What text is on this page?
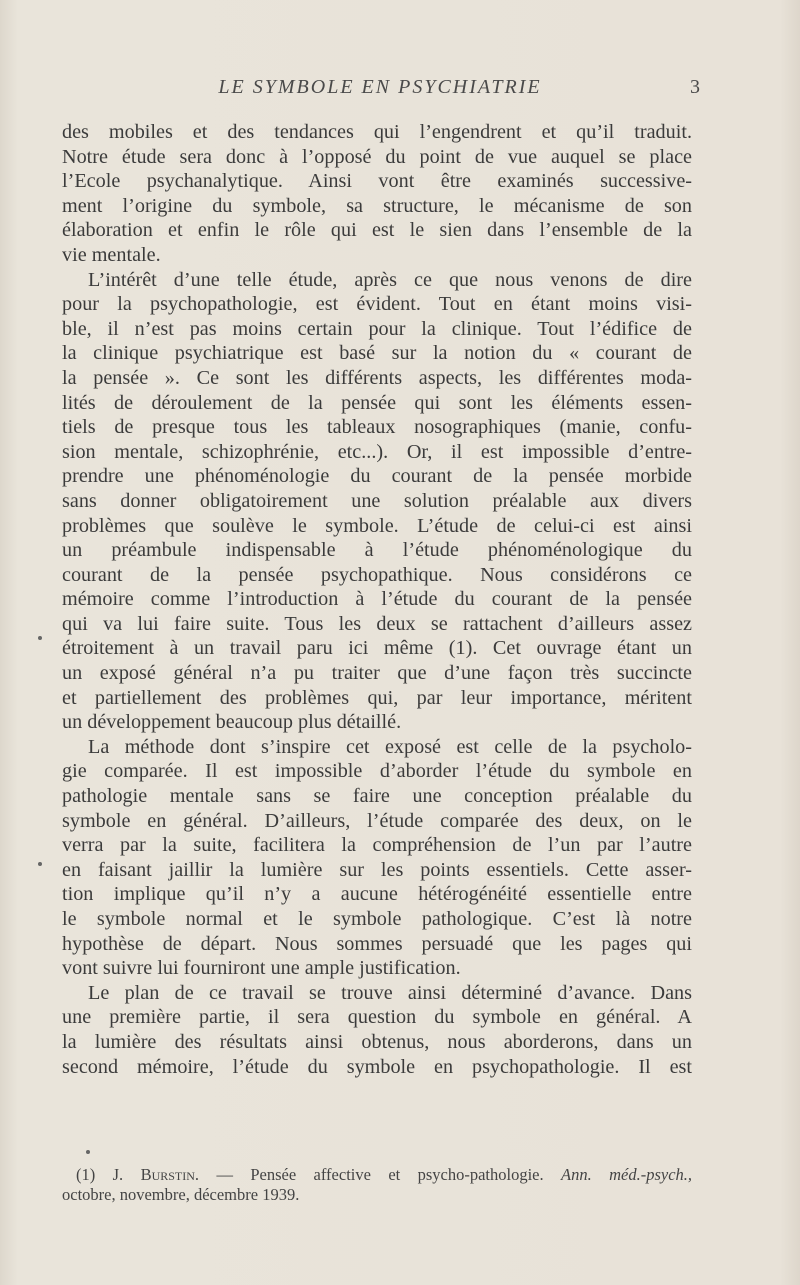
LE SYMBOLE EN PSYCHIATRIE	3

des mobiles et des tendances qui l’engendrent et qu’il traduit.
Notre étude sera donc à l’opposé du point de vue auquel se place
l’Ecole psychanalytique. Ainsi vont être examinés successive-
ment l’origine du symbole, sa structure, le mécanisme de son
élaboration et enfin le rôle qui est le sien dans l’ensemble de la
vie mentale.

L’intérêt d’une telle étude, après ce que nous venons de dire
pour la psychopathologie, est évident. Tout en étant moins visi-
ble, il n’est pas moins certain pour la clinique. Tout l’édifice de
la clinique psychiatrique est basé sur la notion du « courant de
la pensée ». Ce sont les différents aspects, les différentes moda-
lités de déroulement de la pensée qui sont les éléments essen-
tiels de presque tous les tableaux nosographiques (manie, confu-
sion mentale, schizophrénie, etc...). Or, il est impossible d’entre-
prendre une phénoménologie du courant de la pensée morbide
sans donner obligatoirement une solution préalable aux divers
problèmes que soulève le symbole. L’étude de celui-ci est ainsi
un préambule indispensable à l’étude phénoménologique du
courant de la pensée psychopathique. Nous considérons ce
mémoire comme l’introduction à l’étude du courant de la pensée
qui va lui faire suite. Tous les deux se rattachent d’ailleurs assez
étroitement à un travail paru ici même (1). Cet ouvrage étant un
un exposé général n’a pu traiter que d’une façon très succincte
et partiellement des problèmes qui, par leur importance, méritent
un développement beaucoup plus détaillé.

La méthode dont s’inspire cet exposé est celle de la psycholo-
gie comparée. Il est impossible d’aborder l’étude du symbole en
pathologie mentale sans se faire une conception préalable du
symbole en général. D’ailleurs, l’étude comparée des deux, on le
verra par la suite, facilitera la compréhension de l’un par l’autre
en faisant jaillir la lumière sur les points essentiels. Cette asser-
tion implique qu’il n’y a aucune hétérogénéité essentielle entre
le symbole normal et le symbole pathologique. C’est là notre
hypothèse de départ. Nous sommes persuadé que les pages qui
vont suivre lui fourniront une ample justification.

Le plan de ce travail se trouve ainsi déterminé d’avance. Dans
une première partie, il sera question du symbole en général. A
la lumière des résultats ainsi obtenus, nous aborderons, dans un
second mémoire, l’étude du symbole en psychopathologie. Il est

(1) J. Burstin. — Pensée affective et psycho-pathologie. Ann. méd.-psych.,
octobre, novembre, décembre 1939.
